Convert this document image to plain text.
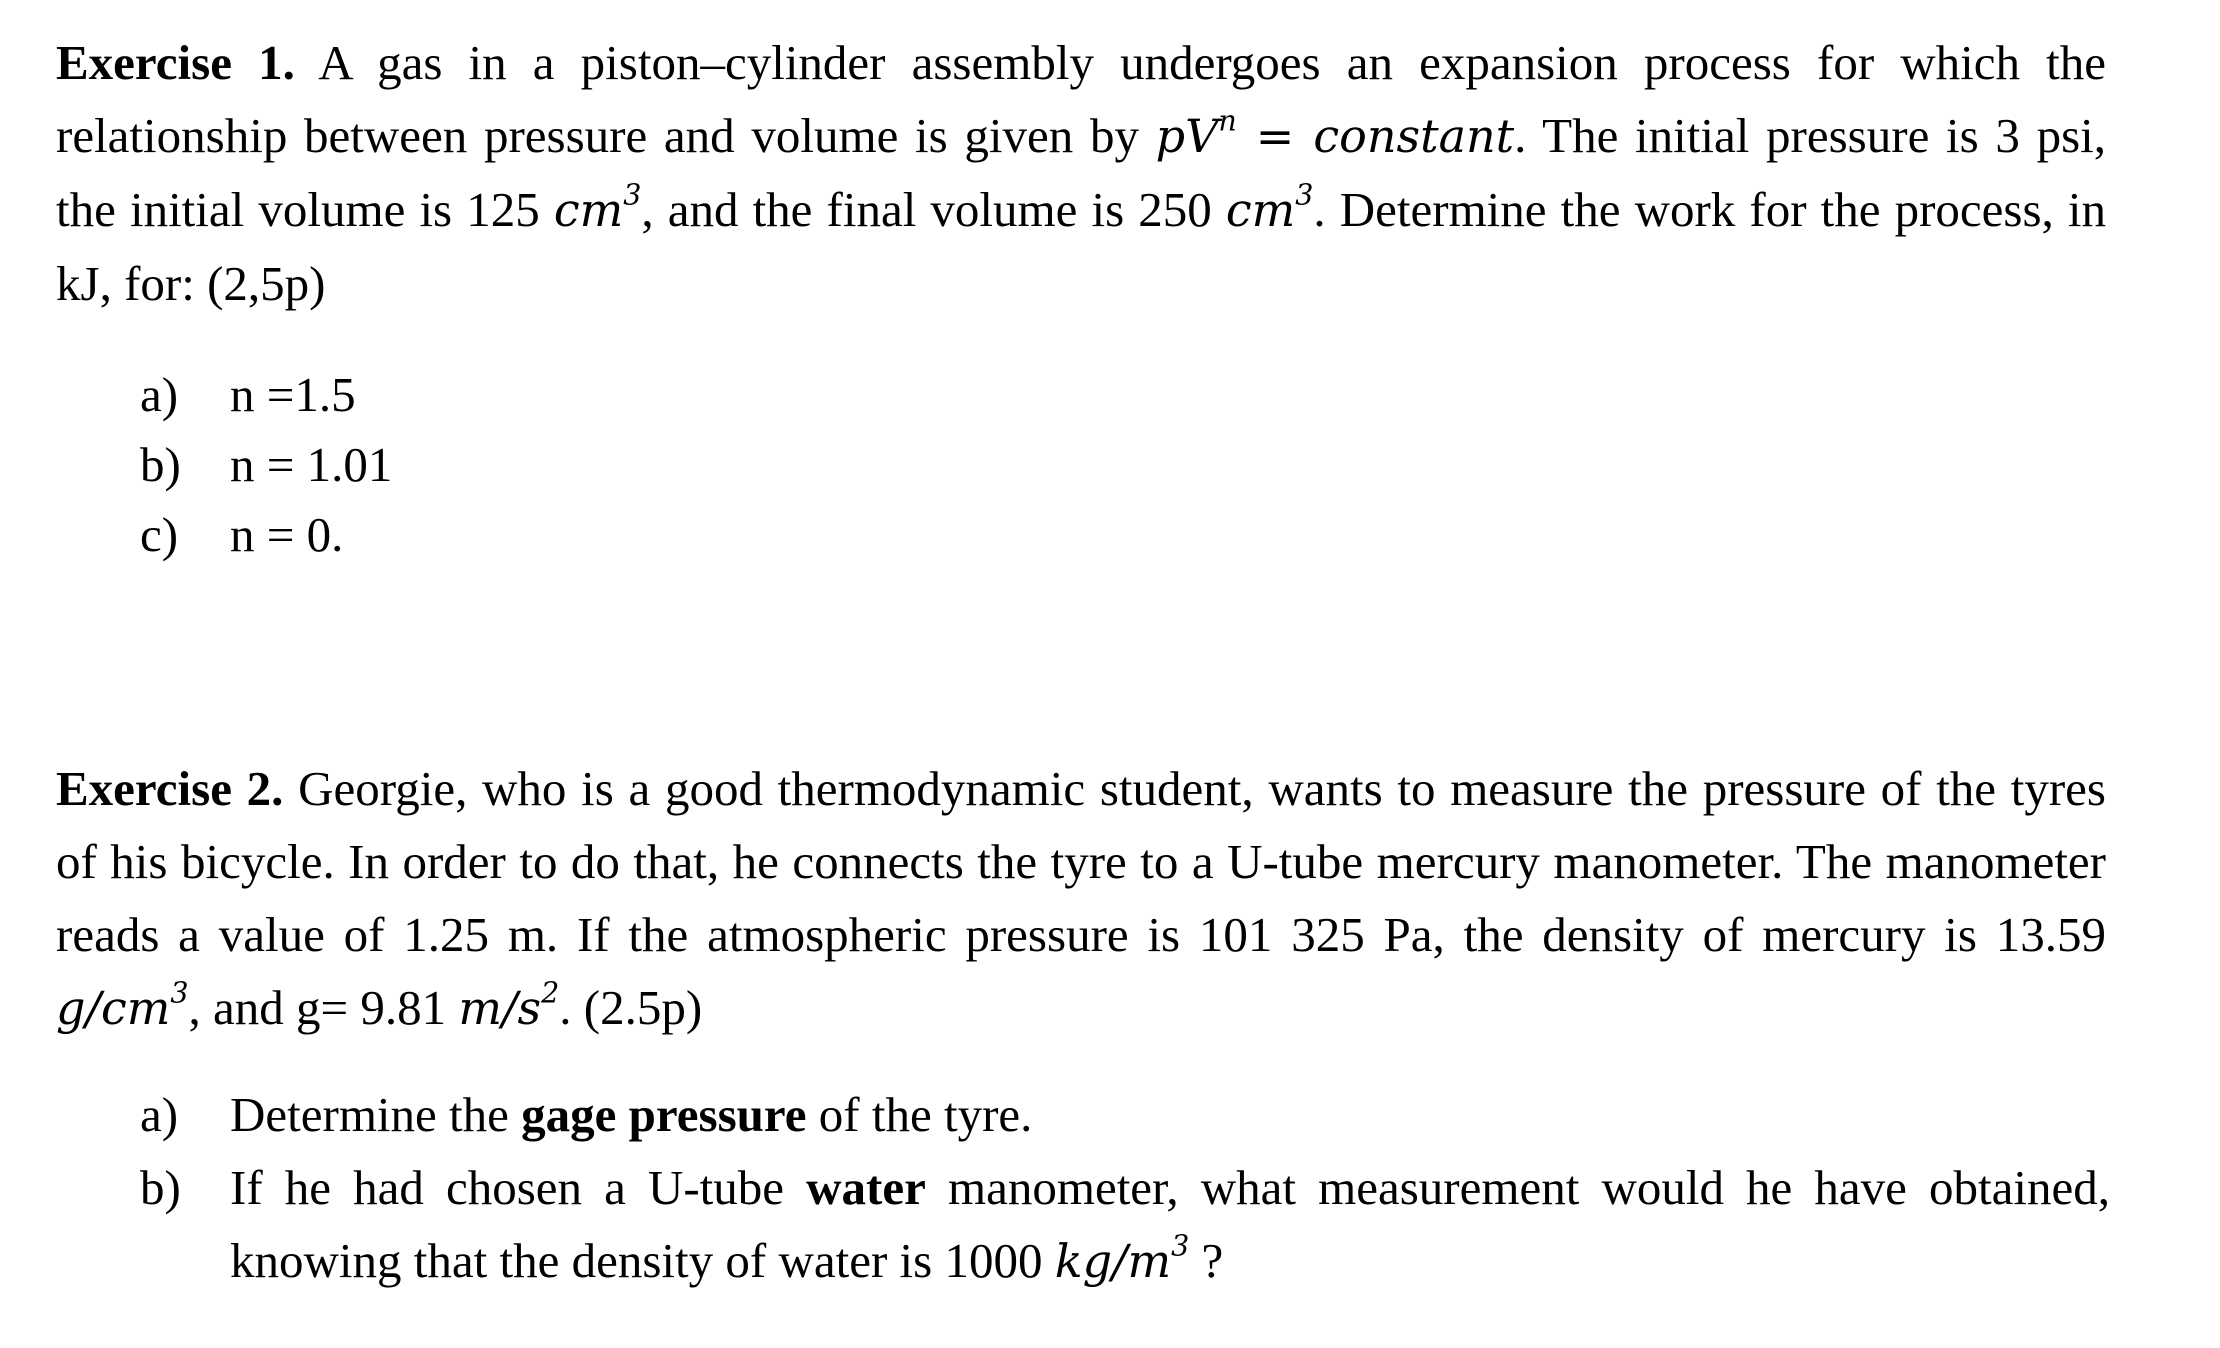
Exercise 1. A gas in a piston–cylinder assembly undergoes an expansion process for which the relationship between pressure and volume is given by $pV^n$ = constant. The initial pressure is 3 psi, the initial volume is 125 $cm^3$, and the final volume is 250 $cm^3$. Determine the work for the process, in kJ, for: (2,5p)
a)	n =1.5
b)	n = 1.01
c)	n = 0.
Exercise 2. Georgie, who is a good thermodynamic student, wants to measure the pressure of the tyres of his bicycle. In order to do that, he connects the tyre to a U-tube mercury manometer. The manometer reads a value of 1.25 m. If the atmospheric pressure is 101 325 Pa, the density of mercury is 13.59 $g/cm^3$, and g= 9.81 $m/s^2$. (2.5p)
a)	Determine the gage pressure of the tyre.
b)	If he had chosen a U-tube water manometer, what measurement would he have obtained, knowing that the density of water is 1000 $kg/m^3$ ?
